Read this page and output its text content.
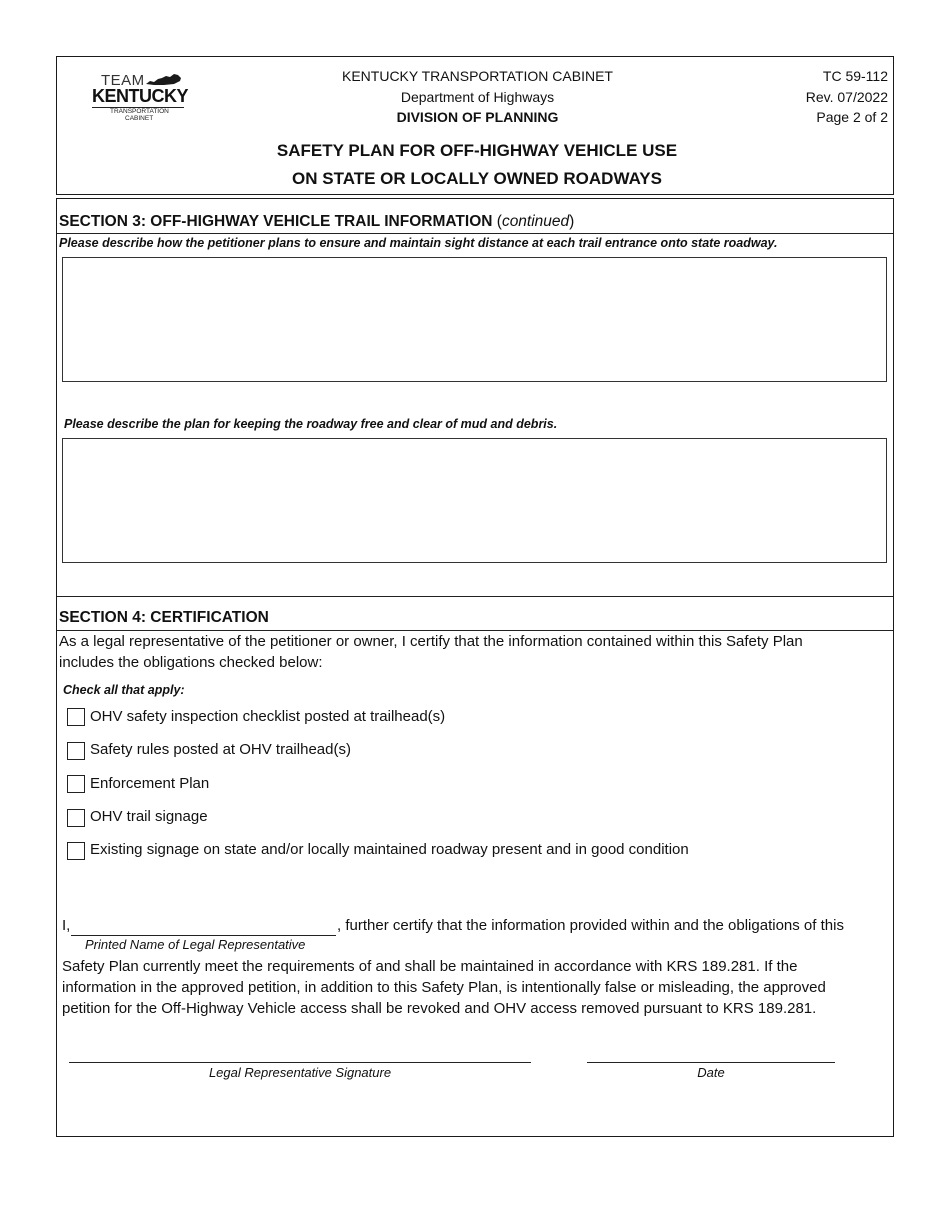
TEAM
KENTUCKY
TRANSPORTATION
CABINET
KENTUCKY TRANSPORTATION CABINET
Department of Highways
DIVISION OF PLANNING
TC 59-112
Rev. 07/2022
Page 2 of 2
SAFETY PLAN FOR OFF-HIGHWAY VEHICLE USE
ON STATE OR LOCALLY OWNED ROADWAYS
SECTION 3: OFF-HIGHWAY VEHICLE TRAIL INFORMATION (continued)
Please describe how the petitioner plans to ensure and maintain sight distance at each trail entrance onto state roadway.
Please describe the plan for keeping the roadway free and clear of mud and debris.
SECTION 4: CERTIFICATION
As a legal representative of the petitioner or owner, I certify that the information contained within this Safety Plan
includes the obligations checked below:
Check all that apply:
OHV safety inspection checklist posted at trailhead(s)
Safety rules posted at OHV trailhead(s)
Enforcement Plan
OHV trail signage
Existing signage on state and/or locally maintained roadway present and in good condition
I,	, further certify that the information provided within and the obligations of this
Printed Name of Legal Representative
Safety Plan currently meet the requirements of and shall be maintained in accordance with KRS 189.281. If the
information in the approved petition, in addition to this Safety Plan, is intentionally false or misleading, the approved
petition for the Off-Highway Vehicle access shall be revoked and OHV access removed pursuant to KRS 189.281.
Legal Representative Signature	Date
